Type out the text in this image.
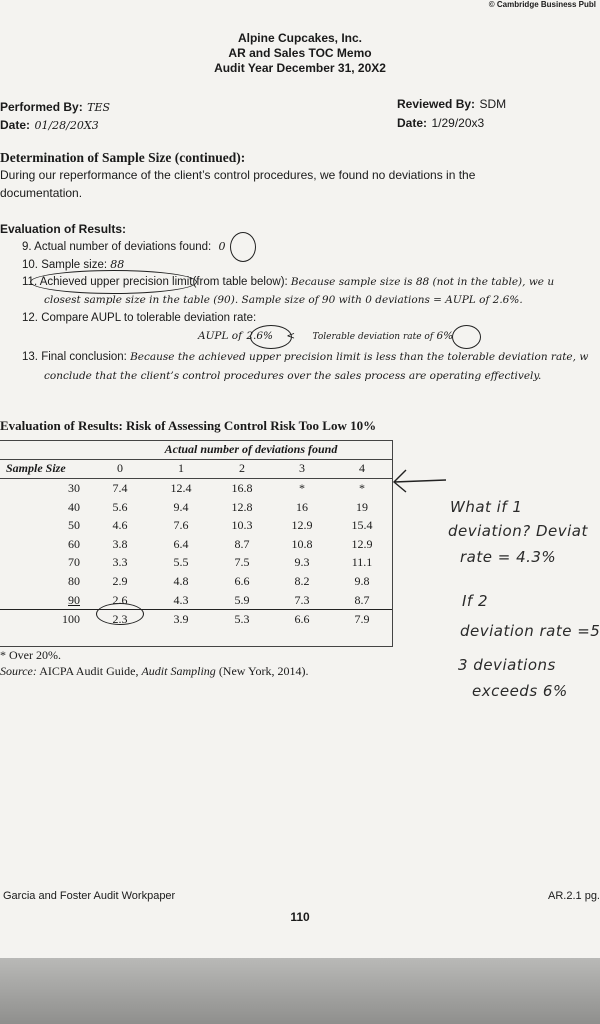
© Cambridge Business Publ
Alpine Cupcakes, Inc.
AR and Sales TOC Memo
Audit Year December 31, 20X2
Performed By: TES
Date: 01/28/20X3
Reviewed By: SDM
Date: 1/29/20x3
Determination of Sample Size (continued):
During our reperformance of the client’s control procedures, we found no deviations in the
documentation.
Evaluation of Results:
9. Actual number of deviations found: 0
10. Sample size: 88
11. Achieved upper precision limit(from table below): Because sample size is 88 (not in the table), we u
closest sample size in the table (90). Sample size of 90 with 0 deviations = AUPL of 2.6%.
12. Compare AUPL to tolerable deviation rate:
AUPL of 2.6% < Tolerable deviation rate of 6%
13. Final conclusion: Because the achieved upper precision limit is less than the tolerable deviation rate, w
conclude that the client’s control procedures over the sales process are operating effectively.
Evaluation of Results: Risk of Assessing Control Risk Too Low 10%
	Actual number of deviations found				
Sample Size	0	1	2	3	4
30	7.4	12.4	16.8	*	*
40	5.6	9.4	12.8	16	19
50	4.6	7.6	10.3	12.9	15.4
60	3.8	6.4	8.7	10.8	12.9
70	3.3	5.5	7.5	9.3	11.1
80	2.9	4.8	6.6	8.2	9.8
90	2.6	4.3	5.9	7.3	8.7
100	2.3	3.9	5.3	6.6	7.9
* Over 20%.
Source: AICPA Audit Guide, Audit Sampling (New York, 2014).
What if 1
deviation? Deviat
rate = 4.3%
If 2
deviation rate =5
3 deviations
exceeds 6%
Garcia and Foster Audit Workpaper	AR.2.1 pg.
110
